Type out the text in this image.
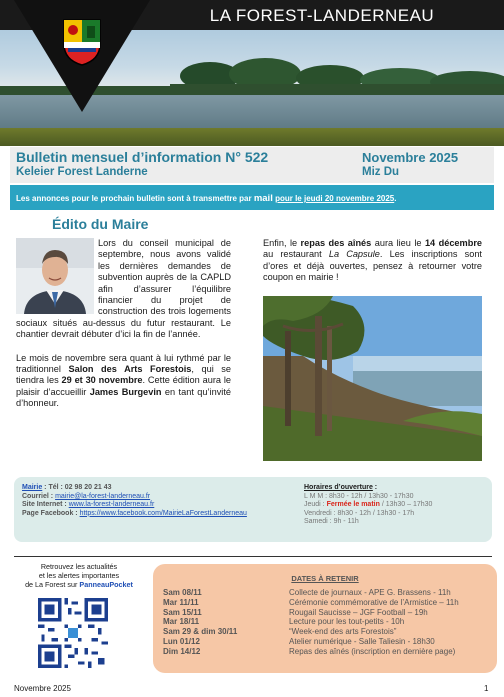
LA FOREST-LANDERNEAU
Bulletin mensuel d’information N° 522
Keleier Forest Landerne
Novembre 2025
Miz Du
Les annonces pour le prochain bulletin sont à transmettre par mail pour le jeudi 20 novembre 2025.
Édito du Maire

Lors du conseil municipal de septembre, nous avons validé les dernières demandes de subvention auprès de la CAPLD afin d’assurer l’équilibre financier du projet de construction des trois logements sociaux situés au-dessus du futur restaurant. Le chantier devrait débuter d’ici la fin de l’année.

Le mois de novembre sera quant à lui rythmé par le traditionnel Salon des Arts Forestois, qui se tiendra les 29 et 30 novembre. Cette édition aura le plaisir d’accueillir James Burgevin en tant qu’invité d’honneur.

Enfin, le repas des aînés aura lieu le 14 décembre au restaurant La Capsule. Les inscriptions sont d’ores et déjà ouvertes, pensez à retourner votre coupon en mairie !

Mairie : Tél : 02 98 20 21 43
Courriel : mairie@la-forest-landerneau.fr
Site Internet : www.la-forest-landerneau.fr
Page Facebook : https://www.facebook.com/MairieLaForestLanderneau
Horaires d’ouverture :
L M M : 8h30 - 12h / 13h30 - 17h30
Jeudi : Fermée le matin / 13h30 – 17h30
Vendredi : 8h30 - 12h / 13h30 - 17h
Samedi : 9h - 11h
Retrouvez les actualités
et les alertes importantes
de La Forest sur PanneauPocket
DATES À RETENIR
Sam 08/11	Collecte de journaux - APE G. Brassens - 11h
Mar 11/11	Cérémonie commémorative de l’Armistice – 11h
Sam 15/11	Rougail Saucisse – JGF Football – 19h
Mar 18/11	Lecture pour les tout-petits - 10h
Sam 29 & dim 30/11	“Week-end des arts Forestois”
Lun 01/12	Atelier numérique - Salle Taliesin - 18h30
Dim 14/12	Repas des aînés (inscription en dernière page)
Novembre 2025	1
